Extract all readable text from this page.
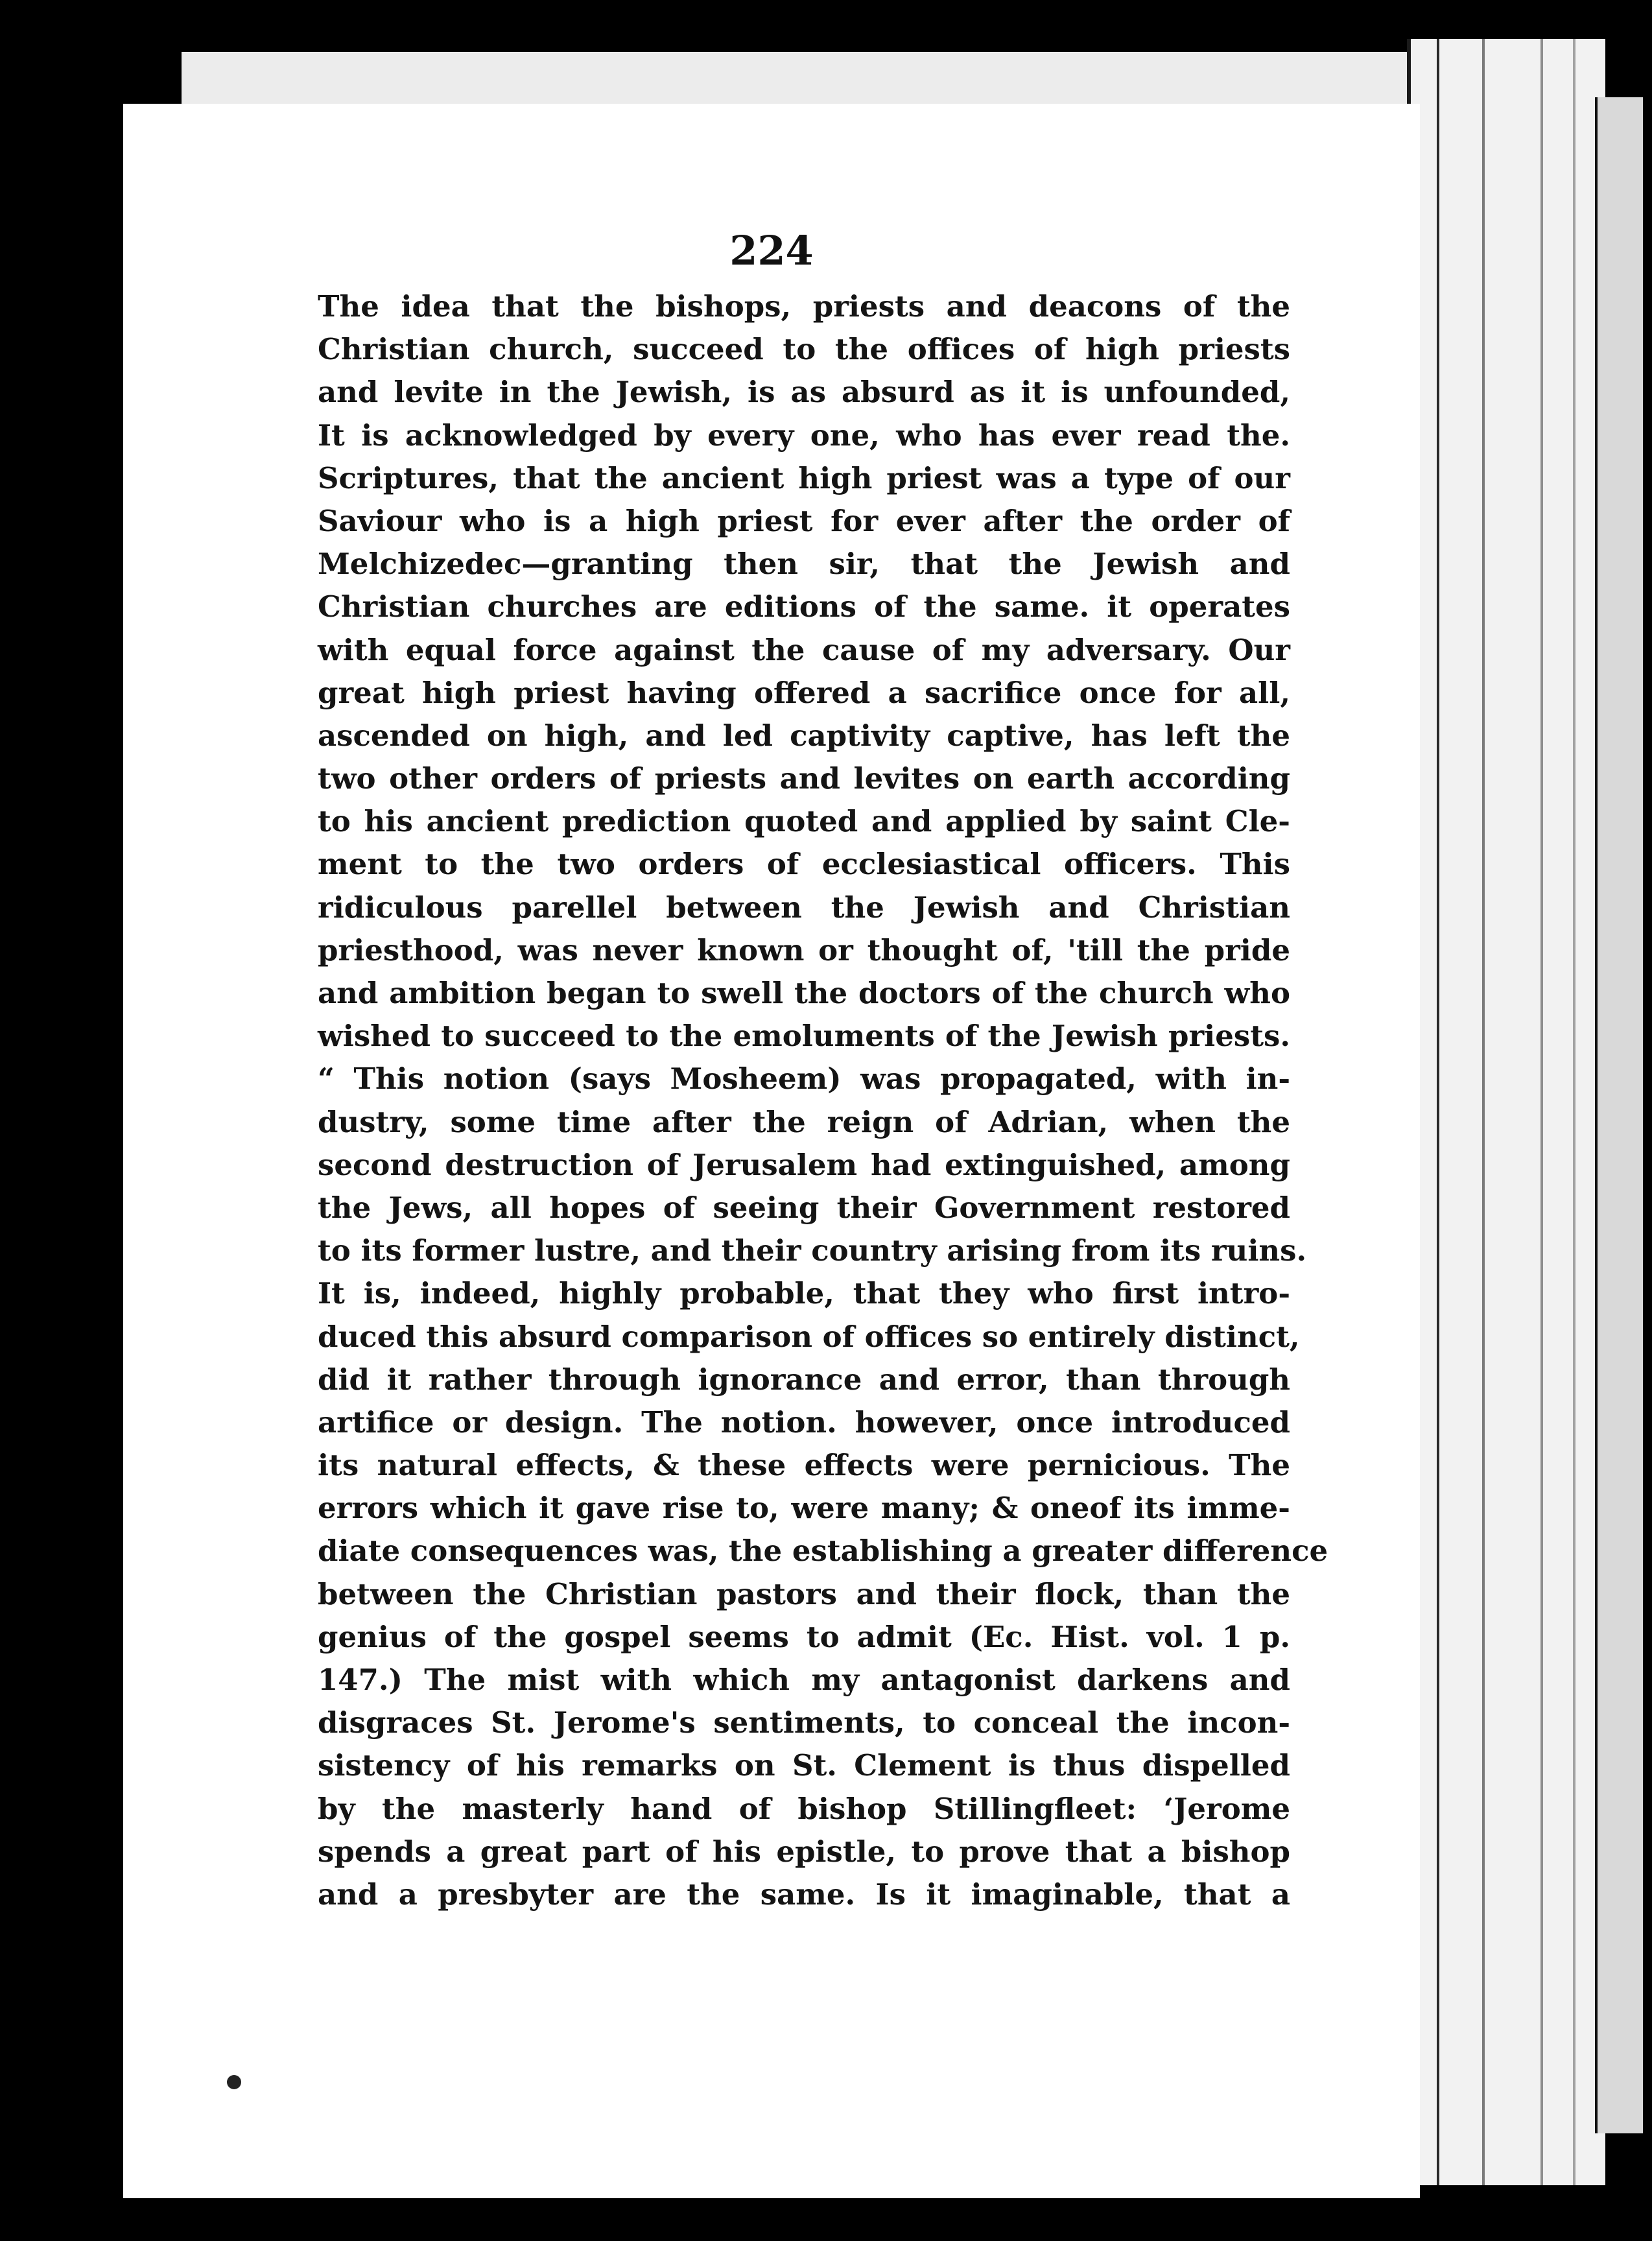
224
The idea that the bishops, priests and deacons of the
Christian church, succeed to the offices of high priests
and levite in the Jewish, is as absurd as it is unfounded,
It is acknowledged by every one, who has ever read the.
Scriptures, that the ancient high priest was a type of our
Saviour who is a high priest for ever after the order of
Melchizedec—granting then sir, that the Jewish and
Christian churches are editions of the same. it operates
with equal force against the cause of my adversary. Our
great high priest having offered a sacrifice once for all,
ascended on high, and led captivity captive, has left the
two other orders of priests and levites on earth according
to his ancient prediction quoted and applied by saint Cle-
ment to the two orders of ecclesiastical officers. This
ridiculous parellel between the Jewish and Christian
priesthood, was never known or thought of, 'till the pride
and ambition began to swell the doctors of the church who
wished to succeed to the emoluments of the Jewish priests.
“ This notion (says Mosheem) was propagated, with in-
dustry, some time after the reign of Adrian, when the
second destruction of Jerusalem had extinguished, among
the Jews, all hopes of seeing their Government restored
to its former lustre, and their country arising from its ruins.
It is, indeed, highly probable, that they who first intro-
duced this absurd comparison of offices so entirely distinct,
did it rather through ignorance and error, than through
artifice or design. The notion. however, once introduced
its natural effects, & these effects were pernicious. The
errors which it gave rise to, were many; & oneof its imme-
diate consequences was, the establishing a greater difference
between the Christian pastors and their flock, than the
genius of the gospel seems to admit (Ec. Hist. vol. 1 p.
147.) The mist with which my antagonist darkens and
disgraces St. Jerome's sentiments, to conceal the incon-
sistency of his remarks on St. Clement is thus dispelled
by the masterly hand of bishop Stillingfleet: ‘Jerome
spends a great part of his epistle, to prove that a bishop
and a presbyter are the same. Is it imaginable, that a
